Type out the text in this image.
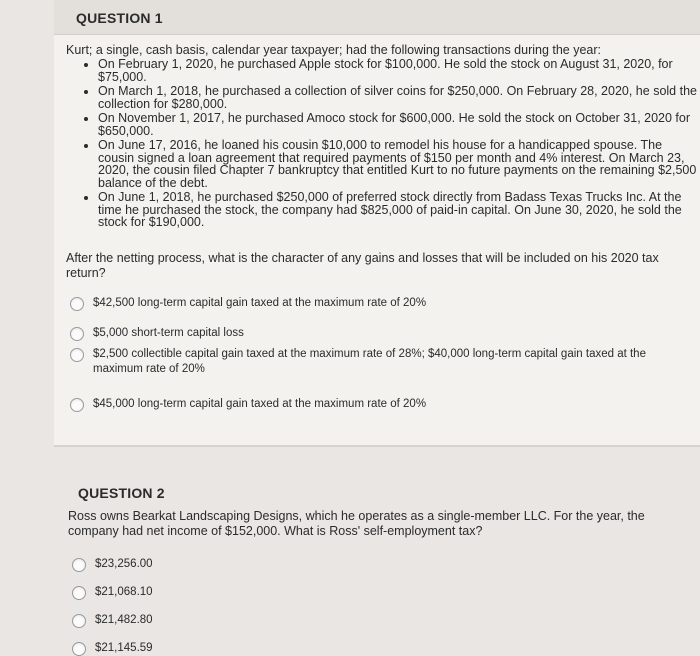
QUESTION 1
Kurt; a single, cash basis, calendar year taxpayer; had the following transactions during the year:
• On February 1, 2020, he purchased Apple stock for $100,000. He sold the stock on August 31, 2020, for $75,000.
• On March 1, 2018, he purchased a collection of silver coins for $250,000. On February 28, 2020, he sold the collection for $280,000.
• On November 1, 2017, he purchased Amoco stock for $600,000. He sold the stock on October 31, 2020 for $650,000.
• On June 17, 2016, he loaned his cousin $10,000 to remodel his house for a handicapped spouse. The cousin signed a loan agreement that required payments of $150 per month and 4% interest. On March 23, 2020, the cousin filed Chapter 7 bankruptcy that entitled Kurt to no future payments on the remaining $2,500 balance of the debt.
• On June 1, 2018, he purchased $250,000 of preferred stock directly from Badass Texas Trucks Inc. At the time he purchased the stock, the company had $825,000 of paid-in capital. On June 30, 2020, he sold the stock for $190,000.
After the netting process, what is the character of any gains and losses that will be included on his 2020 tax return?
$42,500 long-term capital gain taxed at the maximum rate of 20%
$5,000 short-term capital loss
$2,500 collectible capital gain taxed at the maximum rate of 28%; $40,000 long-term capital gain taxed at the maximum rate of 20%
$45,000 long-term capital gain taxed at the maximum rate of 20%
QUESTION 2
Ross owns Bearkat Landscaping Designs, which he operates as a single-member LLC. For the year, the company had net income of $152,000. What is Ross' self-employment tax?
$23,256.00
$21,068.10
$21,482.80
$21,145.59
